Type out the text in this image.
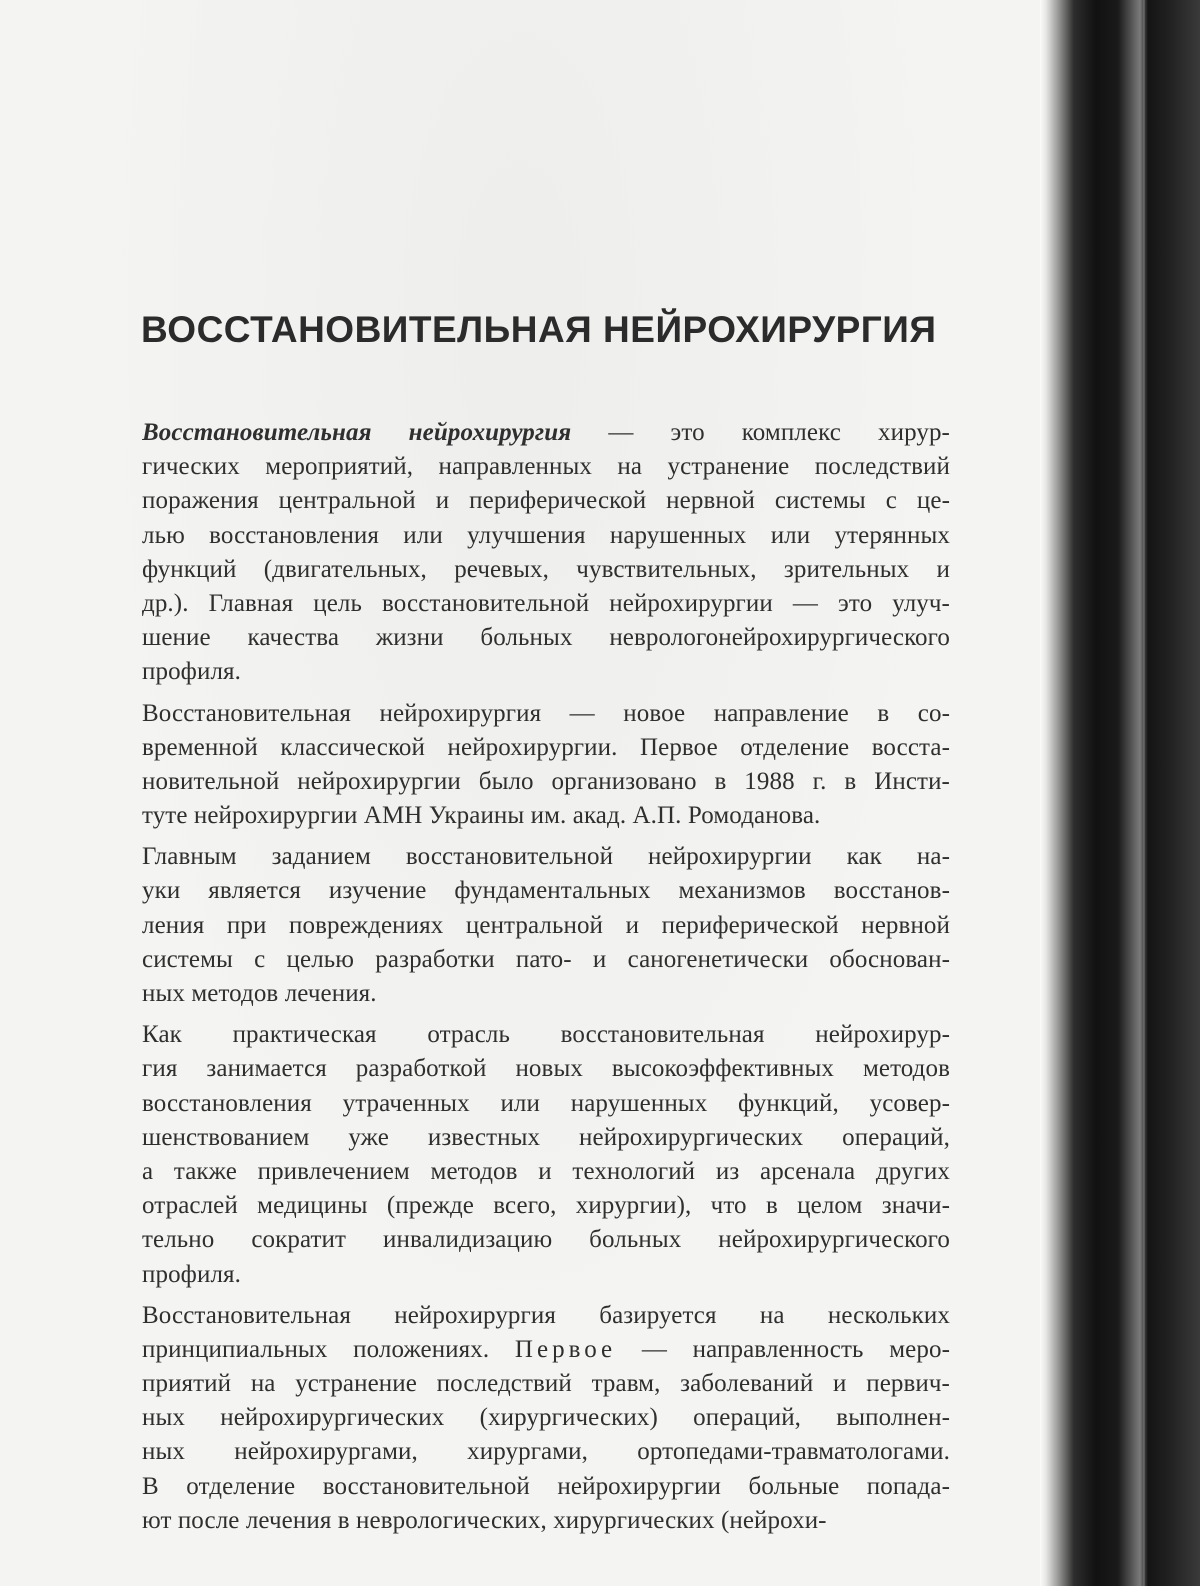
ВОССТАНОВИТЕЛЬНАЯ НЕЙРОХИРУРГИЯ
Восстановительная нейрохирургия — это комплекс хирур-
гических мероприятий, направленных на устранение последствий
поражения центральной и периферической нервной системы с це-
лью восстановления или улучшения нарушенных или утерянных
функций (двигательных, речевых, чувствительных, зрительных и
др.). Главная цель восстановительной нейрохирургии — это улуч-
шение качества жизни больных неврологонейрохирургического
профиля.
Восстановительная нейрохирургия — новое направление в со-
временной классической нейрохирургии. Первое отделение восста-
новительной нейрохирургии было организовано в 1988 г. в Инсти-
туте нейрохирургии АМН Украины им. акад. А.П. Ромоданова.
Главным заданием восстановительной нейрохирургии как на-
уки является изучение фундаментальных механизмов восстанов-
ления при повреждениях центральной и периферической нервной
системы с целью разработки пато- и саногенетически обоснован-
ных методов лечения.
Как практическая отрасль восстановительная нейрохирур-
гия занимается разработкой новых высокоэффективных методов
восстановления утраченных или нарушенных функций, усовер-
шенствованием уже известных нейрохирургических операций,
а также привлечением методов и технологий из арсенала других
отраслей медицины (прежде всего, хирургии), что в целом значи-
тельно сократит инвалидизацию больных нейрохирургического
профиля.
Восстановительная нейрохирургия базируется на нескольких
принципиальных положениях. Первое — направленность меро-
приятий на устранение последствий травм, заболеваний и первич-
ных нейрохирургических (хирургических) операций, выполнен-
ных нейрохирургами, хирургами, ортопедами-травматологами.
В отделение восстановительной нейрохирургии больные попада-
ют после лечения в неврологических, хирургических (нейрохи-
